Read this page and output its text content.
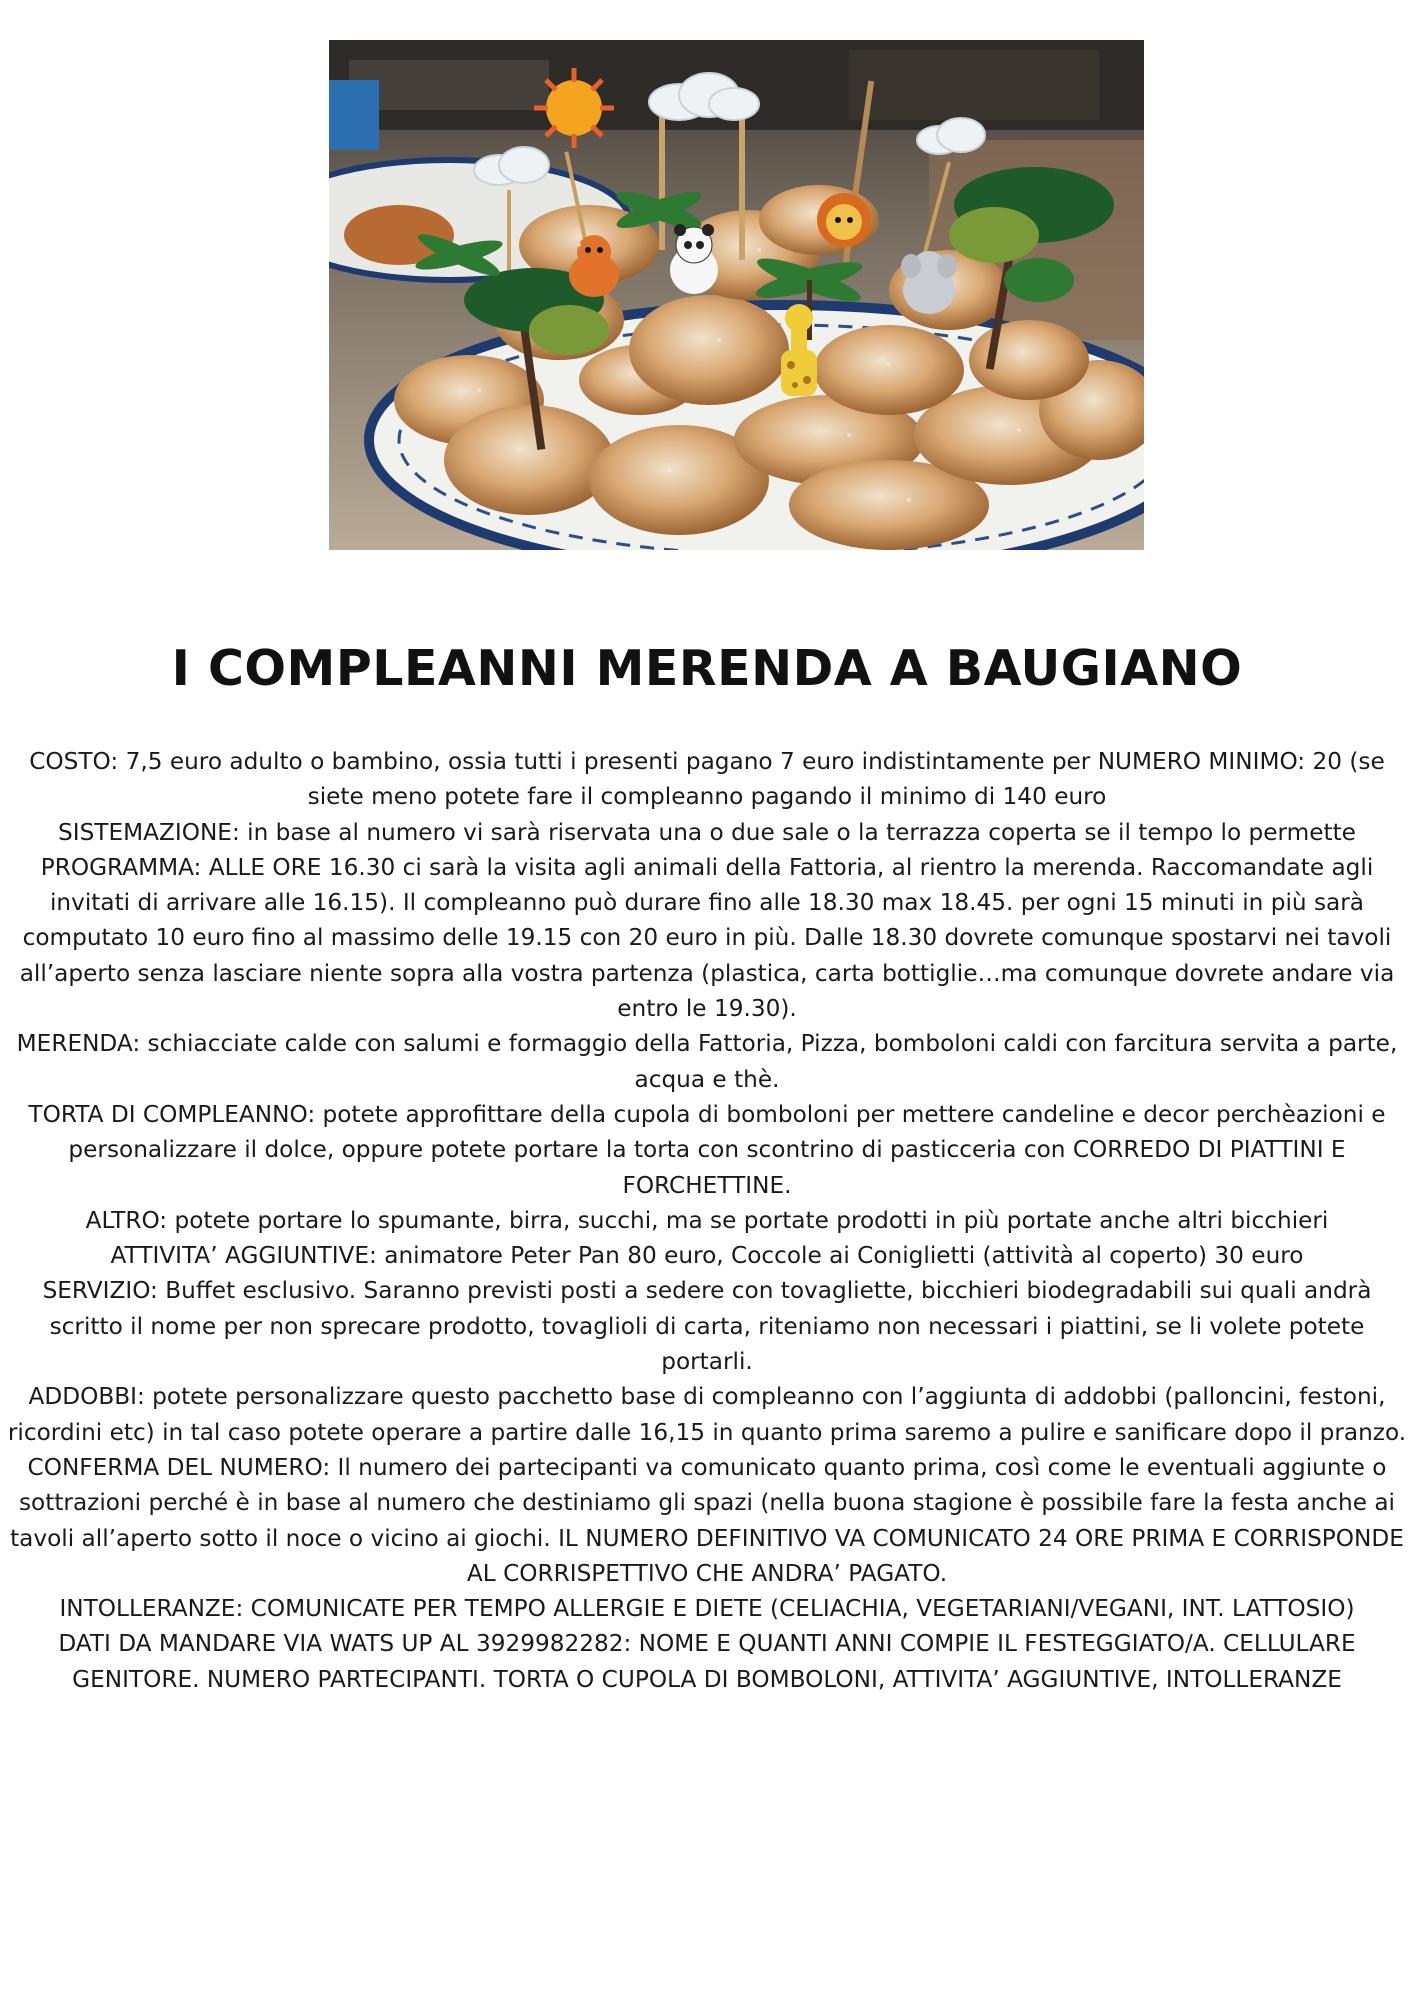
I COMPLEANNI MERENDA A BAUGIANO

COSTO: 7,5 euro adulto o bambino, ossia tutti i presenti pagano 7 euro indistintamente per NUMERO MINIMO: 20 (se siete meno potete fare il compleanno pagando il minimo di 140 euro

SISTEMAZIONE: in base al numero vi sarà riservata una o due sale o la terrazza coperta se il tempo lo permette

PROGRAMMA: ALLE ORE 16.30 ci sarà la visita agli animali della Fattoria, al rientro la merenda. Raccomandate agli invitati di arrivare alle 16.15). Il compleanno può durare fino alle 18.30 max 18.45. per ogni 15 minuti in più sarà computato 10 euro fino al massimo delle 19.15 con 20 euro in più. Dalle 18.30 dovrete comunque spostarvi nei tavoli all’aperto senza lasciare niente sopra alla vostra partenza (plastica, carta bottiglie…ma comunque dovrete andare via entro le 19.30).

MERENDA: schiacciate calde con salumi e formaggio della Fattoria, Pizza, bomboloni caldi con farcitura servita a parte, acqua e thè.

TORTA DI COMPLEANNO: potete approfittare della cupola di bomboloni per mettere candeline e decor perchèazioni e personalizzare il dolce, oppure potete portare la torta con scontrino di pasticceria con CORREDO DI PIATTINI E FORCHETTINE.

ALTRO: potete portare lo spumante, birra, succhi, ma se portate prodotti in più portate anche altri bicchieri

ATTIVITA’ AGGIUNTIVE: animatore Peter Pan 80 euro, Coccole ai Coniglietti (attività al coperto) 30 euro

SERVIZIO: Buffet esclusivo. Saranno previsti posti a sedere con tovagliette, bicchieri biodegradabili sui quali andrà scritto il nome per non sprecare prodotto, tovaglioli di carta, riteniamo non necessari i piattini, se li volete potete portarli.

ADDOBBI: potete personalizzare questo pacchetto base di compleanno con l’aggiunta di addobbi (palloncini, festoni, ricordini etc) in tal caso potete operare a partire dalle 16,15 in quanto prima saremo a pulire e sanificare dopo il pranzo.

CONFERMA DEL NUMERO: Il numero dei partecipanti va comunicato quanto prima, così come le eventuali aggiunte o sottrazioni perché è in base al numero che destiniamo gli spazi (nella buona stagione è possibile fare la festa anche ai tavoli all’aperto sotto il noce o vicino ai giochi. IL NUMERO DEFINITIVO VA COMUNICATO 24 ORE PRIMA E CORRISPONDE AL CORRISPETTIVO CHE ANDRA’ PAGATO.

INTOLLERANZE: COMUNICATE PER TEMPO ALLERGIE E DIETE (CELIACHIA, VEGETARIANI/VEGANI, INT. LATTOSIO)

DATI DA MANDARE VIA WATS UP AL 3929982282: NOME E QUANTI ANNI COMPIE IL FESTEGGIATO/A. CELLULARE GENITORE. NUMERO PARTECIPANTI. TORTA O CUPOLA DI BOMBOLONI, ATTIVITA’ AGGIUNTIVE, INTOLLERANZE
